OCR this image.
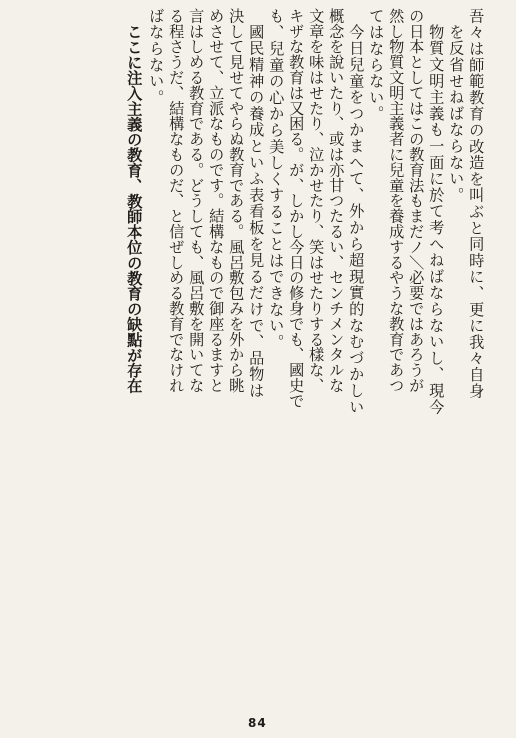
吾々は師範教育の改造を叫ぶと同時に、更に我々自身
を反省せねばならない。
物質文明主義も一面に於て考へねばならないし、現今
の日本としてはこの教育法もまだノ＼必要ではあろうが
然し物質文明主義者に兒童を養成するやうな教育であつ
てはならない。
今日兒童をつかまへて、外から超現實的なむづかしい
概念を說いたり、或は亦甘つたるい、センチメンタルな
文章を味はせたり、泣かせたり、笑はせたりする樣な、
キザな教育は又困る。が、しかし今日の修身でも、國史で
も、兒童の心から美しくすることはできない。
國民精神の養成といふ表看板を見るだけで、品物は
決して見せてやらぬ教育である。風呂敷包みを外から眺
めさせて、立派なものです。結構なもので御座るますと
言はしめる教育である。どうしても、風呂敷を開いてな
る程さうだ、結構なものだ、と信ぜしめる教育でなけれ
ばならない。
ここに注入主義の教育、教師本位の教育の缺點が存在
84
